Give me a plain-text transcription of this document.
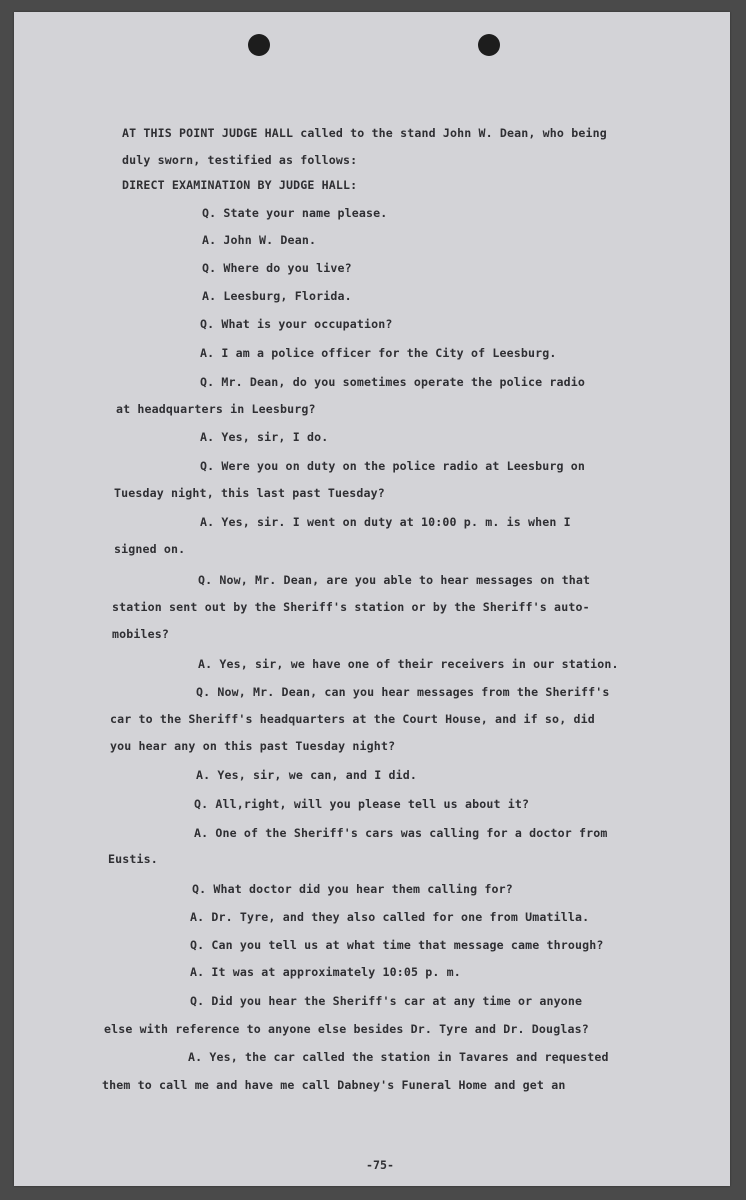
AT THIS POINT JUDGE HALL called to the stand John W. Dean, who being
duly sworn, testified as follows:
DIRECT EXAMINATION BY JUDGE HALL:
Q. State your name please.
A. John W. Dean.
Q. Where do you live?
A. Leesburg, Florida.
Q. What is your occupation?
A. I am a police officer for the City of Leesburg.
Q. Mr. Dean, do you sometimes operate the police radio
at headquarters in Leesburg?
A. Yes, sir, I do.
Q. Were you on duty on the police radio at Leesburg on
Tuesday night, this last past Tuesday?
A. Yes, sir. I went on duty at 10:00 p. m. is when I
signed on.
Q. Now, Mr. Dean, are you able to hear messages on that
station sent out by the Sheriff's station or by the Sheriff's auto-
mobiles?
A. Yes, sir, we have one of their receivers in our station.
Q. Now, Mr. Dean, can you hear messages from the Sheriff's
car to the Sheriff's headquarters at the Court House, and if so, did
you hear any on this past Tuesday night?
A. Yes, sir, we can, and I did.
Q. All,right, will you please tell us about it?
A. One of the Sheriff's cars was calling for a doctor from
Eustis.
Q. What doctor did you hear them calling for?
A. Dr. Tyre, and they also called for one from Umatilla.
Q. Can you tell us at what time that message came through?
A. It was at approximately 10:05 p. m.
Q. Did you hear the Sheriff's car at any time or anyone
else with reference to anyone else besides Dr. Tyre and Dr. Douglas?
A. Yes, the car called the station in Tavares and requested
them to call me and have me call Dabney's Funeral Home and get an
-75-
